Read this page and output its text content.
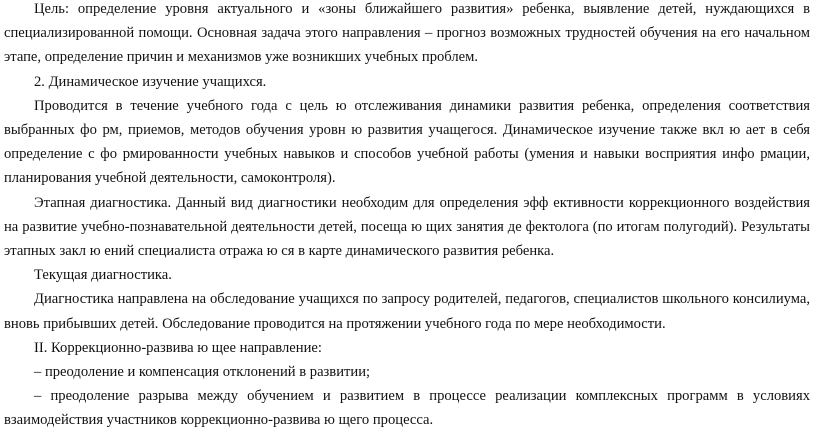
Цель: определение уровня актуального и «зоны ближайшего развития» ребенка, выявление детей, нуждающихся в специализированной помощи. Основная задача этого направления – прогноз возможных трудностей обучения на его начальном этапе, определение причин и механизмов уже возникших учебных проблем.

2. Динамическое изучение учащихся.

Проводится в течение учебного года с цель ю отслеживания динамики развития ребенка, определения соответствия выбранных фо рм, приемов, методов обучения уровн ю развития учащегося. Динамическое изучение также вкл ю ает в себя определение с фо рмированности учебных навыков и способов учебной работы (умения и навыки восприятия инфо рмации, планирования учебной деятельности, самоконтроля).

Этапная диагностика. Данный вид диагностики необходим для определения эфф ективности коррекционного воздействия на развитие учебно-познавательной деятельности детей, посеща ю щих занятия де фектолога (по итогам полугодий). Результаты этапных закл ю ений специалиста отража ю ся в карте динамического развития ребенка.

Текущая диагностика.

Диагностика направлена на обследование учащихся по запросу родителей, педагогов, специалистов школьного консилиума, вновь прибывших детей. Обследование проводится на протяжении учебного года по мере необходимости.

II. Коррекционно-развива ю щее направление:

– преодоление и компенсация отклонений в развитии;

– преодоление разрыва между обучением и развитием в процессе реализации комплексных программ в условиях взаимодействия участников коррекционно-развива ю щего процесса.
